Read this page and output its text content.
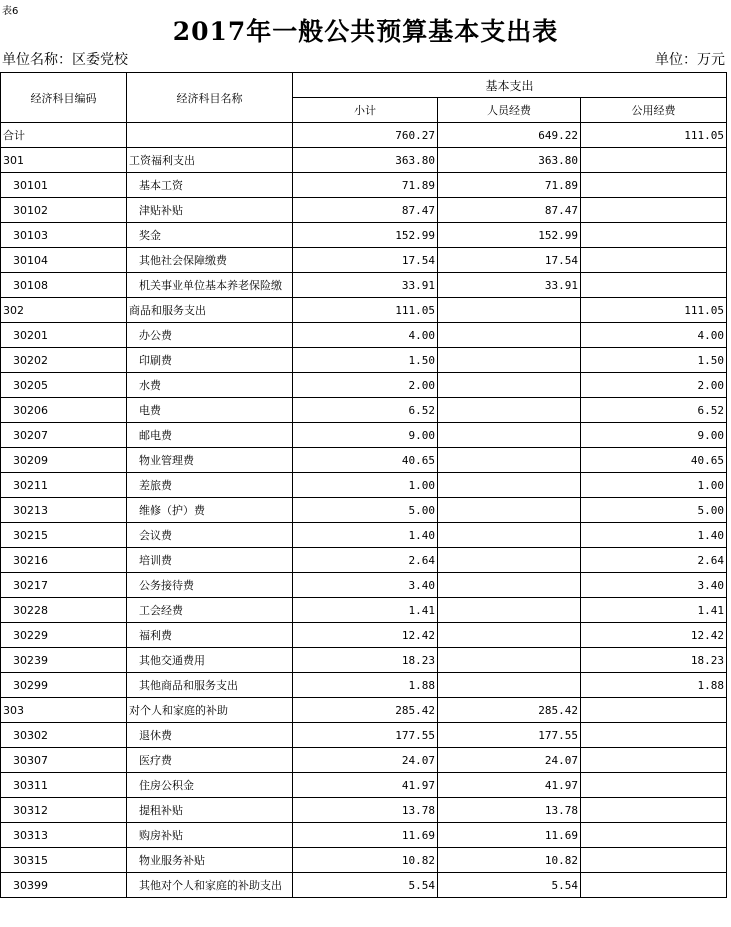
表6
2017年一般公共预算基本支出表
单位名称：区委党校	单位：万元
经济科目编码	经济科目名称	基本支出		
		小计	人员经费	公用经费
合计		760.27	649.22	111.05
301	工资福利支出	363.80	363.80	
30101	基本工资	71.89	71.89	
30102	津贴补贴	87.47	87.47	
30103	奖金	152.99	152.99	
30104	其他社会保障缴费	17.54	17.54	
30108	机关事业单位基本养老保险缴	33.91	33.91	
302	商品和服务支出	111.05		111.05
30201	办公费	4.00		4.00
30202	印刷费	1.50		1.50
30205	水费	2.00		2.00
30206	电费	6.52		6.52
30207	邮电费	9.00		9.00
30209	物业管理费	40.65		40.65
30211	差旅费	1.00		1.00
30213	维修（护）费	5.00		5.00
30215	会议费	1.40		1.40
30216	培训费	2.64		2.64
30217	公务接待费	3.40		3.40
30228	工会经费	1.41		1.41
30229	福利费	12.42		12.42
30239	其他交通费用	18.23		18.23
30299	其他商品和服务支出	1.88		1.88
303	对个人和家庭的补助	285.42	285.42	
30302	退休费	177.55	177.55	
30307	医疗费	24.07	24.07	
30311	住房公积金	41.97	41.97	
30312	提租补贴	13.78	13.78	
30313	购房补贴	11.69	11.69	
30315	物业服务补贴	10.82	10.82	
30399	其他对个人和家庭的补助支出	5.54	5.54	
